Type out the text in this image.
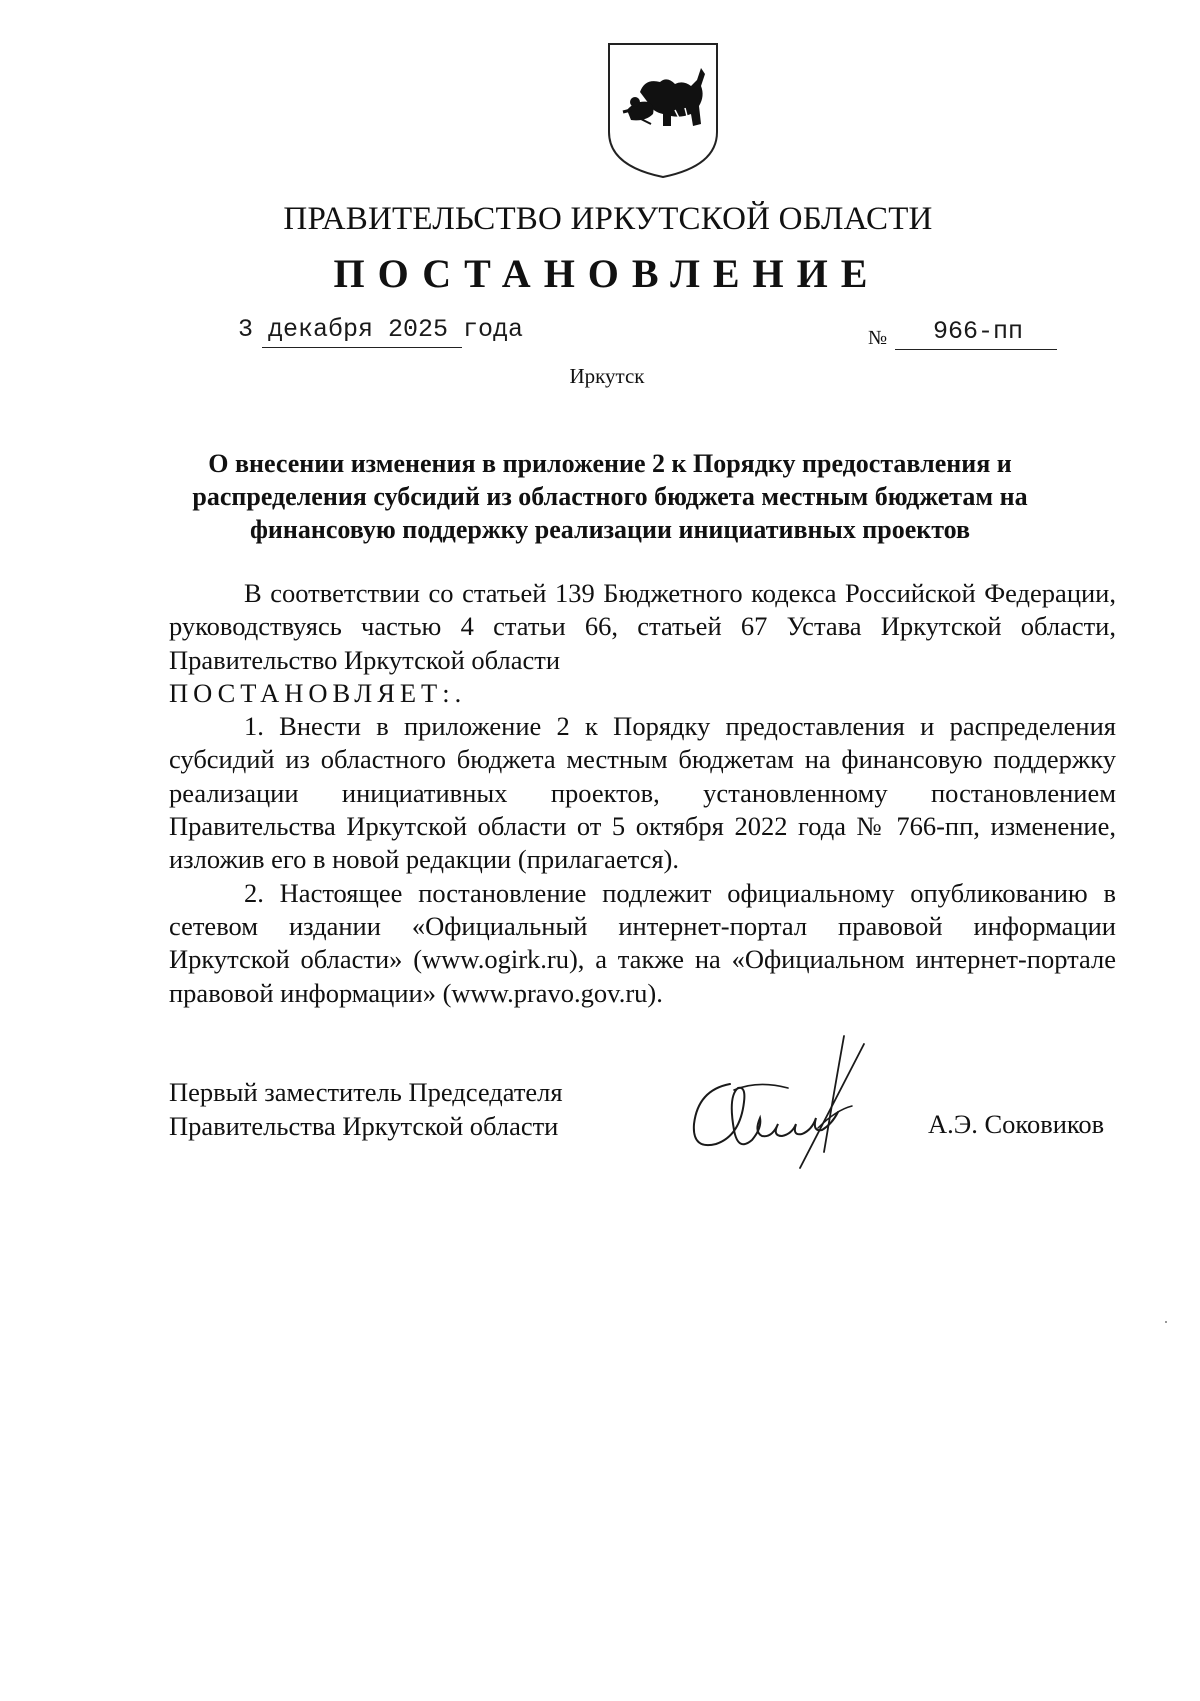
ПРАВИТЕЛЬСТВО ИРКУТСКОЙ ОБЛАСТИ
ПОСТАНОВЛЕНИЕ
3 декабря 2025 года	№ 966-пп
Иркутск
О внесении изменения в приложение 2 к Порядку предоставления и распределения субсидий из областного бюджета местным бюджетам на финансовую поддержку реализации инициативных проектов

В соответствии со статьей 139 Бюджетного кодекса Российской Федерации, руководствуясь частью 4 статьи 66, статьей 67 Устава Иркутской области, Правительство Иркутской области

ПОСТАНОВЛЯЕТ:.

1. Внести в приложение 2 к Порядку предоставления и распределения субсидий из областного бюджета местным бюджетам на финансовую поддержку реализации инициативных проектов, установленному постановлением Правительства Иркутской области от 5 октября 2022 года № 766-пп, изменение, изложив его в новой редакции (прилагается).

2. Настоящее постановление подлежит официальному опубликованию в сетевом издании «Официальный интернет-портал правовой информации Иркутской области» (www.ogirk.ru), а также на «Официальном интернет-портале правовой информации» (www.pravo.gov.ru).

Первый заместитель Председателя
Правительства Иркутской области	А.Э. Соковиков
